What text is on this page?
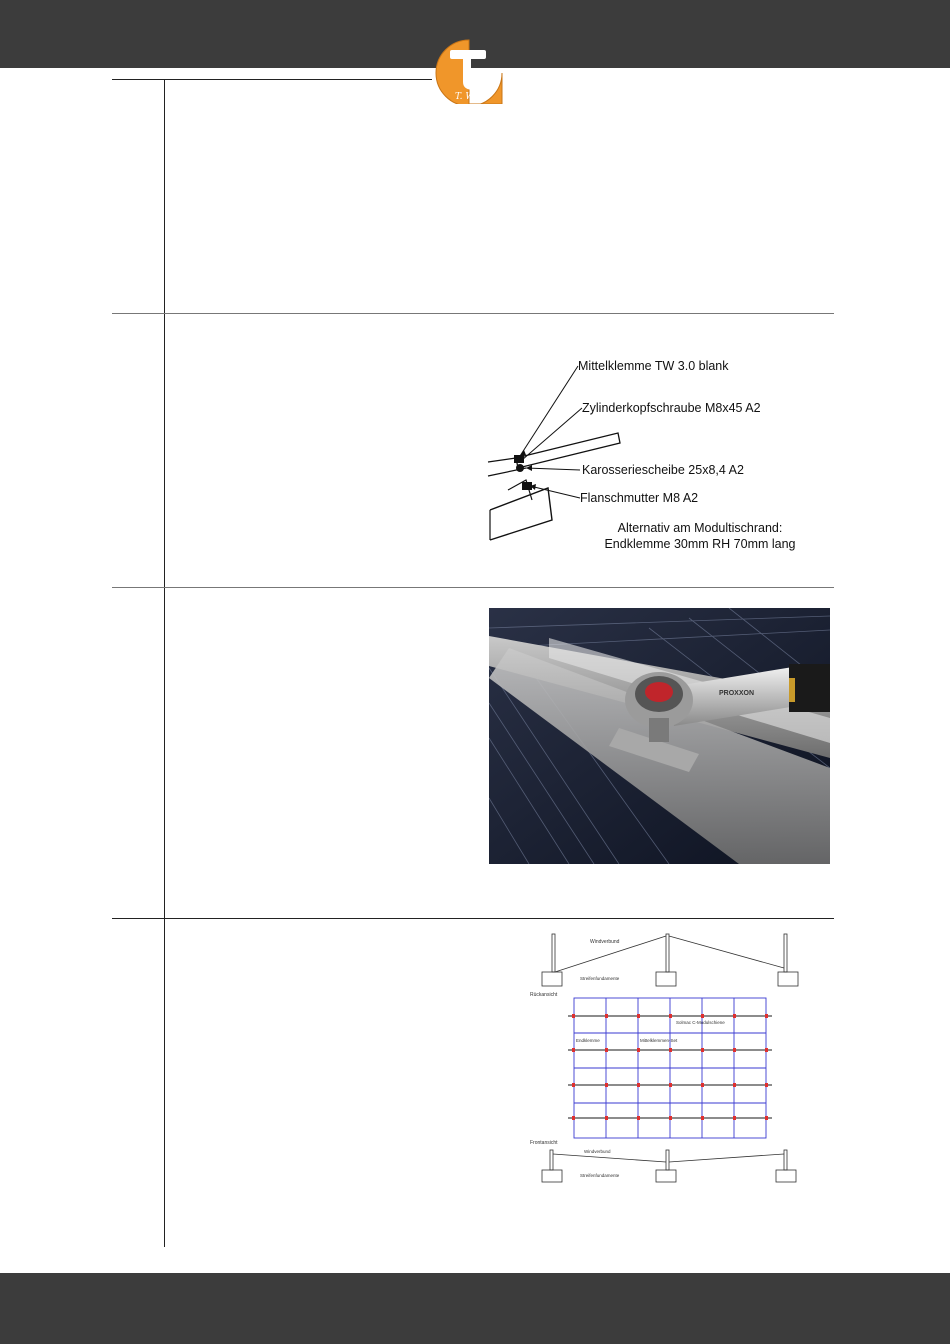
T. Werk
Mittelklemme TW 3.0 blank
Zylinderkopfschraube M8x45 A2
Karosseriescheibe 25x8,4 A2
Flanschmutter M8 A2
Alternativ am Modultischrand:
Endklemme 30mm RH 70mm lang
PROXXON
Windverbund
Streifenfundamente
Rückansicht
Solmac C-Modulschiene
Endklemme	Mittelklemmen-Set
Frontansicht
Windverbund
Streifenfundamente
